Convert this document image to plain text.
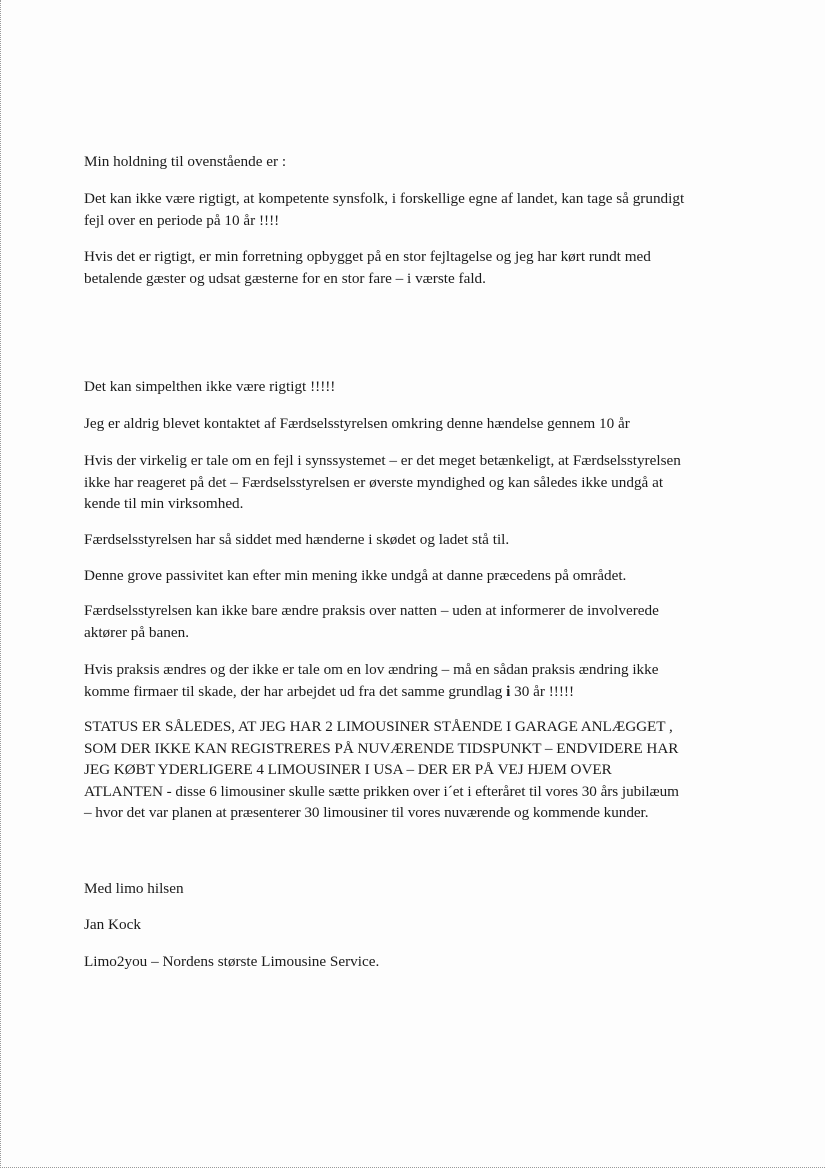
Min holdning til ovenstående er :

Det kan ikke være rigtigt, at kompetente synsfolk, i forskellige egne af landet, kan tage så grundigt
fejl over en periode på 10 år !!!!

Hvis det er rigtigt, er min forretning opbygget på en stor fejltagelse og jeg har kørt rundt med
betalende gæster og udsat gæsterne for en stor fare – i værste fald.

Det kan simpelthen ikke være rigtigt !!!!!

Jeg er aldrig blevet kontaktet af Færdselsstyrelsen omkring denne hændelse gennem 10 år

Hvis der virkelig er tale om en fejl i synssystemet – er det meget betænkeligt, at Færdselsstyrelsen
ikke har reageret på det – Færdselsstyrelsen er øverste myndighed og kan således ikke undgå at
kende til min virksomhed.

Færdselsstyrelsen har så siddet med hænderne i skødet og ladet stå til.

Denne grove passivitet kan efter min mening ikke undgå at danne præcedens på området.

Færdselsstyrelsen kan ikke bare ændre praksis over natten – uden at informerer de involverede
aktører på banen.

Hvis praksis ændres og der ikke er tale om en lov ændring – må en sådan praksis ændring ikke
komme firmaer til skade, der har arbejdet ud fra det samme grundlag i 30 år !!!!!

STATUS ER SÅLEDES, AT JEG HAR 2 LIMOUSINER STÅENDE I GARAGE ANLÆGGET ,
SOM DER IKKE KAN REGISTRERES PÅ NUVÆRENDE TIDSPUNKT – ENDVIDERE HAR
JEG KØBT YDERLIGERE 4 LIMOUSINER I USA – DER ER PÅ VEJ HJEM OVER
ATLANTEN - disse 6 limousiner skulle sætte prikken over i´et i efteråret til vores 30 års jubilæum
– hvor det var planen at præsenterer 30 limousiner til vores nuværende og kommende kunder.

Med limo hilsen

Jan Kock

Limo2you – Nordens største Limousine Service.
